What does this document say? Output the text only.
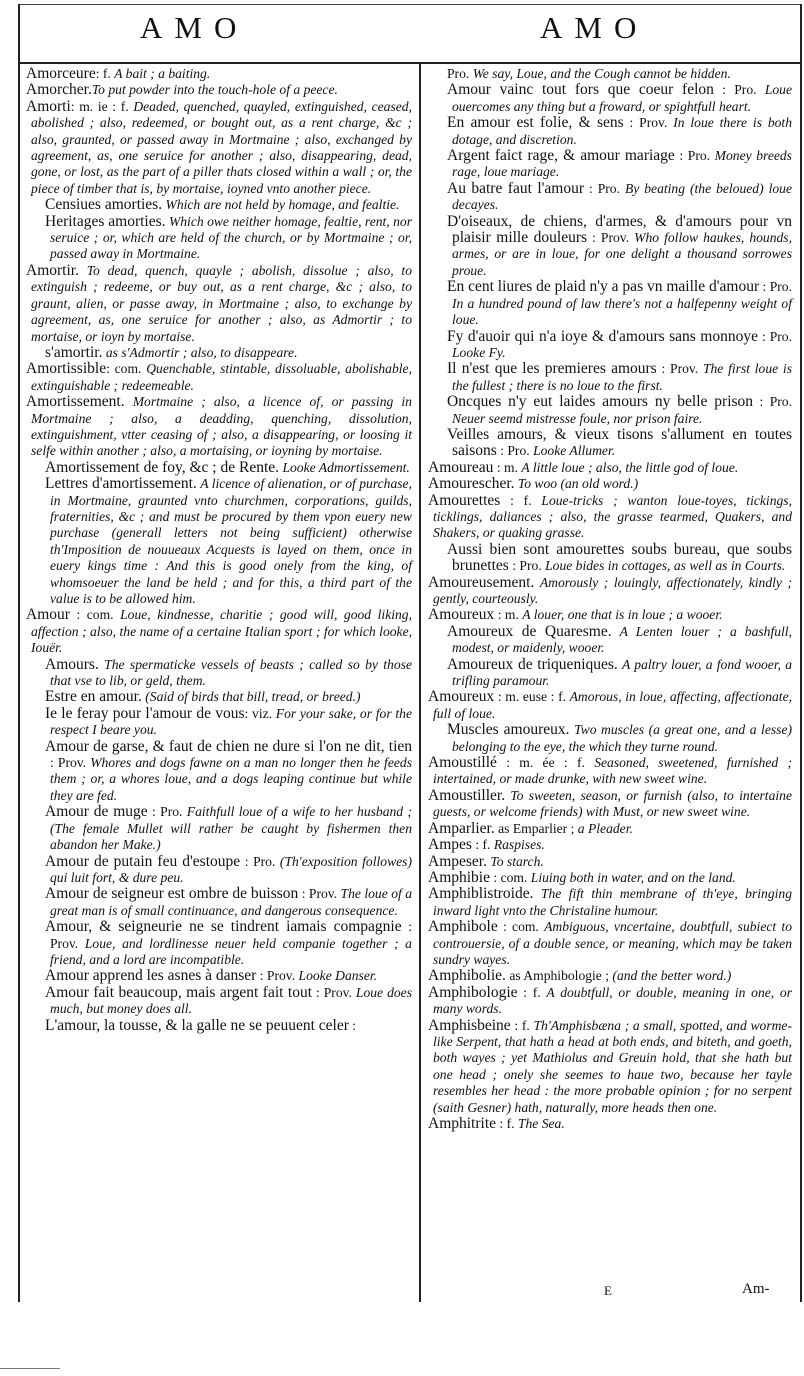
AMO	AMO

Amorceure: f. A bait ; a baiting.

Amorcher.To put powder into the touch-hole of a peece.

Amorti: m. ie : f. Deaded, quenched, quayled, extinguished, ceased, abolished ; also, redeemed, or bought out, as a rent charge, &c ; also, graunted, or passed away in Mortmaine ; also, exchanged by agreement, as, one seruice for another ; also, disappearing, dead, gone, or lost, as the part of a piller thats closed within a wall ; or, the piece of timber that is, by mortaise, ioyned vnto another piece.

Censiues amorties. Which are not held by homage, and fealtie.

Heritages amorties. Which owe neither homage, fealtie, rent, nor seruice ; or, which are held of the church, or by Mortmaine ; or, passed away in Mortmaine.

Amortir. To dead, quench, quayle ; abolish, dissolue ; also, to extinguish ; redeeme, or buy out, as a rent charge, &c ; also, to graunt, alien, or passe away, in Mortmaine ; also, to exchange by agreement, as, one seruice for another ; also, as Admortir ; to mortaise, or ioyn by mortaise.

s'amortir. as s'Admortir ; also, to disappeare.

Amortissible: com. Quenchable, stintable, dissoluable, abolishable, extinguishable ; redeemeable.

Amortissement. Mortmaine ; also, a licence of, or passing in Mortmaine ; also, a deadding, quenching, dissolution, extinguishment, vtter ceasing of ; also, a disappearing, or loosing it selfe within another ; also, a mortaising, or ioyning by mortaise.

Amortissement de foy, &c ; de Rente. Looke Admortissement.

Lettres d'amortissement. A licence of alienation, or of purchase, in Mortmaine, graunted vnto churchmen, corporations, guilds, fraternities, &c ; and must be procured by them vpon euery new purchase (generall letters not being sufficient) otherwise th'Imposition de nouueaux Acquests is layed on them, once in euery kings time : And this is good onely from the king, of whomsoeuer the land be held ; and for this, a third part of the value is to be allowed him.

Amour : com. Loue, kindnesse, charitie ; good will, good liking, affection ; also, the name of a certaine Italian sport ; for which looke, Iouër.

Amours. The spermaticke vessels of beasts ; called so by those that vse to lib, or geld, them.

Estre en amour. (Said of birds that bill, tread, or breed.)

Ie le feray pour l'amour de vous: viz. For your sake, or for the respect I beare you.

Amour de garse, & faut de chien ne dure si l'on ne dit, tien : Prov. Whores and dogs fawne on a man no longer then he feeds them ; or, a whores loue, and a dogs leaping continue but while they are fed.

Amour de muge : Pro. Faithfull loue of a wife to her husband ; (The female Mullet will rather be caught by fishermen then abandon her Make.)

Amour de putain feu d'estoupe : Pro. (Th'exposition followes) qui luit fort, & dure peu.

Amour de seigneur est ombre de buisson : Prov. The loue of a great man is of small continuance, and dangerous consequence.

Amour, & seigneurie ne se tindrent iamais compagnie : Prov. Loue, and lordlinesse neuer held companie together ; a friend, and a lord are incompatible.

Amour apprend les asnes à danser : Prov. Looke Danser.

Amour fait beaucoup, mais argent fait tout : Prov. Loue does much, but money does all.

L'amour, la tousse, & la galle ne se peuuent celer :

Pro. We say, Loue, and the Cough cannot be hidden.

Amour vainc tout fors que coeur felon : Pro. Loue ouercomes any thing but a froward, or spightfull heart.

En amour est folie, & sens : Prov. In loue there is both dotage, and discretion.

Argent faict rage, & amour mariage : Pro. Money breeds rage, loue mariage.

Au batre faut l'amour : Pro. By beating (the beloued) loue decayes.

D'oiseaux, de chiens, d'armes, & d'amours pour vn plaisir mille douleurs : Prov. Who follow haukes, hounds, armes, or are in loue, for one delight a thousand sorrowes proue.

En cent liures de plaid n'y a pas vn maille d'amour : Pro. In a hundred pound of law there's not a halfepenny weight of loue.

Fy d'auoir qui n'a ioye & d'amours sans monnoye : Pro. Looke Fy.

Il n'est que les premieres amours : Prov. The first loue is the fullest ; there is no loue to the first.

Oncques n'y eut laides amours ny belle prison : Pro. Neuer seemd mistresse foule, nor prison faire.

Veilles amours, & vieux tisons s'allument en toutes saisons : Pro. Looke Allumer.

Amoureau : m. A little loue ; also, the little god of loue.

Amourescher. To woo (an old word.)

Amourettes : f. Loue-tricks ; wanton loue-toyes, tickings, ticklings, daliances ; also, the grasse tearmed, Quakers, and Shakers, or quaking grasse.

Aussi bien sont amourettes soubs bureau, que soubs brunettes : Pro. Loue bides in cottages, as well as in Courts.

Amoureusement. Amorously ; louingly, affectionately, kindly ; gently, courteously.

Amoureux : m. A louer, one that is in loue ; a wooer.

Amoureux de Quaresme. A Lenten louer ; a bashfull, modest, or maidenly, wooer.

Amoureux de triqueniques. A paltry louer, a fond wooer, a trifling paramour.

Amoureux : m. euse : f. Amorous, in loue, affecting, affectionate, full of loue.

Muscles amoureux. Two muscles (a great one, and a lesse) belonging to the eye, the which they turne round.

Amoustillé : m. ée : f. Seasoned, sweetened, furnished ; intertained, or made drunke, with new sweet wine.

Amoustiller. To sweeten, season, or furnish (also, to intertaine guests, or welcome friends) with Must, or new sweet wine.

Amparlier. as Emparlier ; a Pleader.

Ampes : f. Raspises.

Ampeser. To starch.

Amphibie : com. Liuing both in water, and on the land.

Amphiblistroide. The fift thin membrane of th'eye, bringing inward light vnto the Christaline humour.

Amphibole : com. Ambiguous, vncertaine, doubtfull, subiect to controuersie, of a double sence, or meaning, which may be taken sundry wayes.

Amphibolie. as Amphibologie ; (and the better word.)

Amphibologie : f. A doubtfull, or double, meaning in one, or many words.

Amphisbeine : f. Th'Amphisbæna ; a small, spotted, and worme-like Serpent, that hath a head at both ends, and biteth, and goeth, both wayes ; yet Mathiolus and Greuin hold, that she hath but one head ; onely she seemes to haue two, because her tayle resembles her head : the more probable opinion ; for no serpent (saith Gesner) hath, naturally, more heads then one.

Amphitrite : f. The Sea.

E	Am-
